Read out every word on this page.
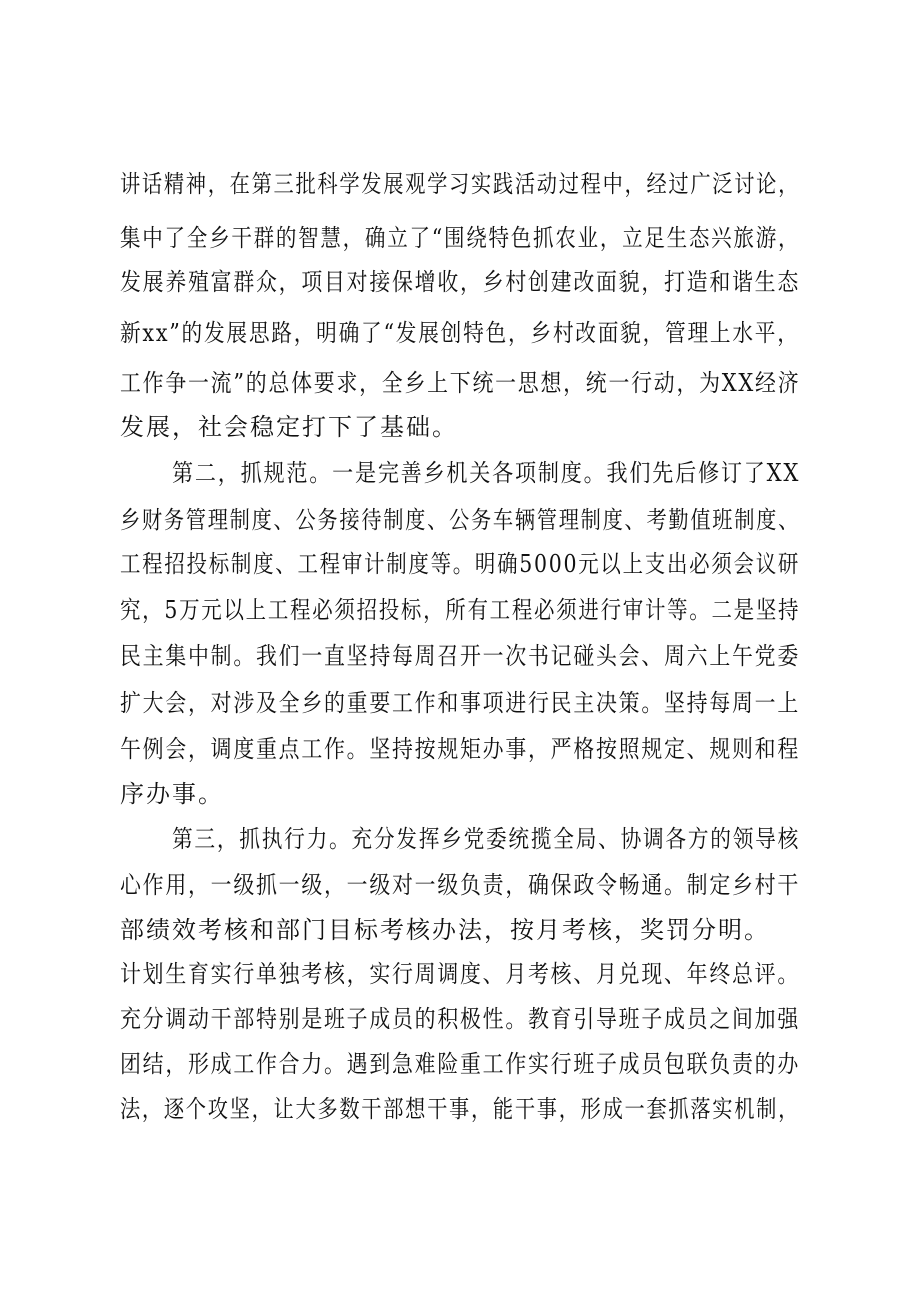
讲话精神，在第三批科学发展观学习实践活动过程中，经过广泛讨论，
集中了全乡干群的智慧，确立了“围绕特色抓农业，立足生态兴旅游，
发展养殖富群众，项目对接保增收，乡村创建改面貌，打造和谐生态
新xx”的发展思路，明确了“发展创特色，乡村改面貌，管理上水平，
工作争一流”的总体要求，全乡上下统一思想，统一行动，为XX经济
发展，社会稳定打下了基础。
第二，抓规范。一是完善乡机关各项制度。我们先后修订了XX
乡财务管理制度、公务接待制度、公务车辆管理制度、考勤值班制度、
工程招投标制度、工程审计制度等。明确5000元以上支出必须会议研
究，5万元以上工程必须招投标，所有工程必须进行审计等。二是坚持
民主集中制。我们一直坚持每周召开一次书记碰头会、周六上午党委
扩大会，对涉及全乡的重要工作和事项进行民主决策。坚持每周一上
午例会，调度重点工作。坚持按规矩办事，严格按照规定、规则和程
序办事。
第三，抓执行力。充分发挥乡党委统揽全局、协调各方的领导核
心作用，一级抓一级，一级对一级负责，确保政令畅通。制定乡村干
部绩效考核和部门目标考核办法，按月考核，奖罚分明。
计划生育实行单独考核，实行周调度、月考核、月兑现、年终总评。
充分调动干部特别是班子成员的积极性。教育引导班子成员之间加强
团结，形成工作合力。遇到急难险重工作实行班子成员包联负责的办
法，逐个攻坚，让大多数干部想干事，能干事，形成一套抓落实机制，
